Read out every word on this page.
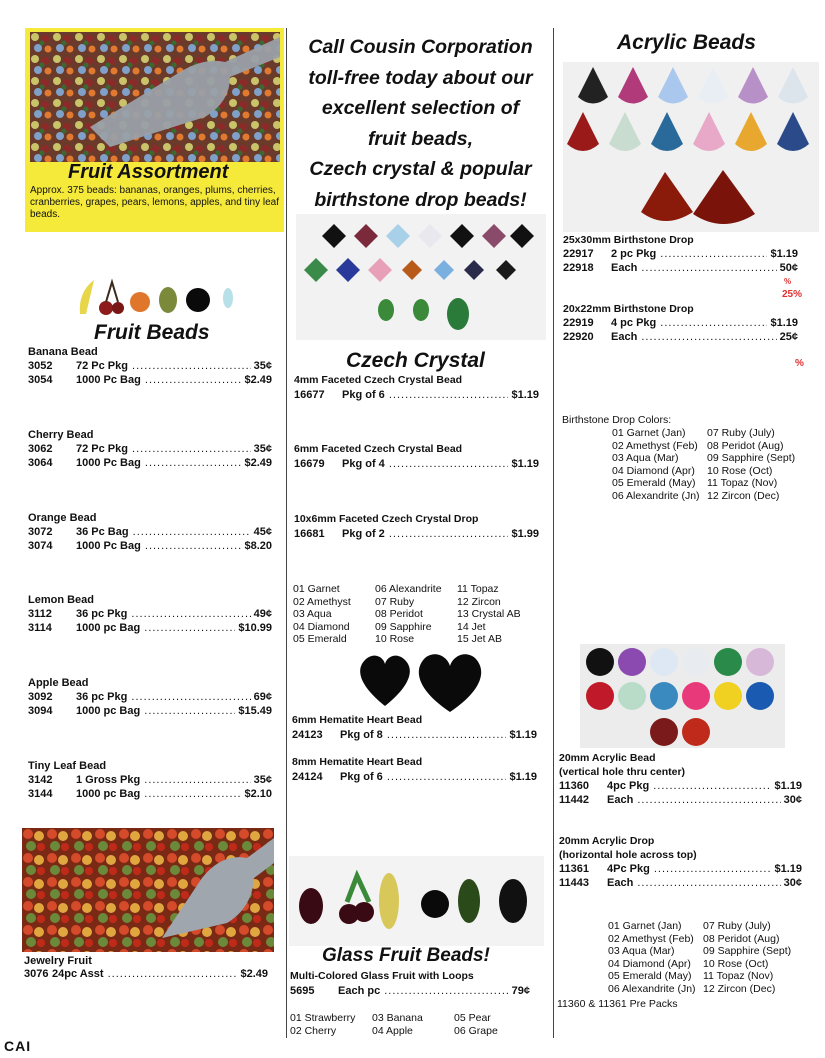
Fruit Assortment
Approx. 375 beads: bananas, oranges, plums, cherries, cranberries, grapes, pears, lemons, apples, and tiny leaf beads.
Fruit Beads
Banana Bead
3052	72 Pc Pkg .....	35¢
3054	1000 Pc Bag .....	$2.49
Cherry Bead
3062	72 Pc Pkg .....	35¢
3064	1000 Pc Bag .....	$2.49
Orange Bead
3072	36 Pc Bag .....	45¢
3074	1000 Pc Bag .....	$8.20
Lemon Bead
3112	36 pc Pkg .....	49¢
3114	1000 pc Bag .....	$10.99
Apple Bead
3092	36 pc Pkg .....	69¢
3094	1000 pc Bag .....	$15.49
Tiny Leaf Bead
3142	1 Gross Pkg .....	35¢
3144	1000 pc Bag .....	$2.10
Jewelry Fruit
3076 24pc Asst .....	$2.49
CAI
Call Cousin Corporation
toll-free today about our
excellent selection of
fruit beads,
Czech crystal & popular
birthstone drop beads!
Czech Crystal
4mm Faceted Czech Crystal Bead
16677	Pkg of 6 .....	$1.19
6mm Faceted Czech Crystal Bead
16679	Pkg of 4 .....	$1.19
10x6mm Faceted Czech Crystal Drop
16681	Pkg of 2 .....	$1.99
01 Garnet	06 Alexandrite	11 Topaz
02 Amethyst	07 Ruby	12 Zircon
03 Aqua	08 Peridot	13 Crystal AB
04 Diamond	09 Sapphire	14 Jet
05 Emerald	10 Rose	15 Jet AB
6mm Hematite Heart Bead
24123	Pkg of 8 .....	$1.19
8mm Hematite Heart Bead
24124	Pkg of 6 .....	$1.19
Glass Fruit Beads!
Multi-Colored Glass Fruit with Loops
5695	Each pc .....	79¢
01 Strawberry	03 Banana	05 Pear
02 Cherry	04 Apple	06 Grape
Acrylic Beads
25x30mm Birthstone Drop
22917	2 pc Pkg .....	$1.19
22918	Each .....	50¢
20x22mm Birthstone Drop
22919	4 pc Pkg .....	$1.19
22920	Each .....	25¢
%
25%
%
Birthstone Drop Colors:
01 Garnet (Jan)	07 Ruby (July)
02 Amethyst (Feb) 08 Peridot (Aug)
03 Aqua (Mar)	09 Sapphire (Sept)
04 Diamond (Apr)	10 Rose (Oct)
05 Emerald (May)	11 Topaz (Nov)
06 Alexandrite (Jn) 12 Zircon (Dec)
20mm Acrylic Bead
(vertical hole thru center)
11360	4pc Pkg .....	$1.19
11442	Each .....	30¢
20mm Acrylic Drop
(horizontal hole across top)
11361	4Pc Pkg .....	$1.19
11443	Each .....	30¢
01 Garnet (Jan)	07 Ruby (July)
02 Amethyst (Feb) 08 Peridot (Aug)
03 Aqua (Mar)	09 Sapphire (Sept)
04 Diamond (Apr)	10 Rose (Oct)
05 Emerald (May)	11 Topaz (Nov)
06 Alexandrite (Jn) 12 Zircon (Dec)
11360 & 11361 Pre Packs
